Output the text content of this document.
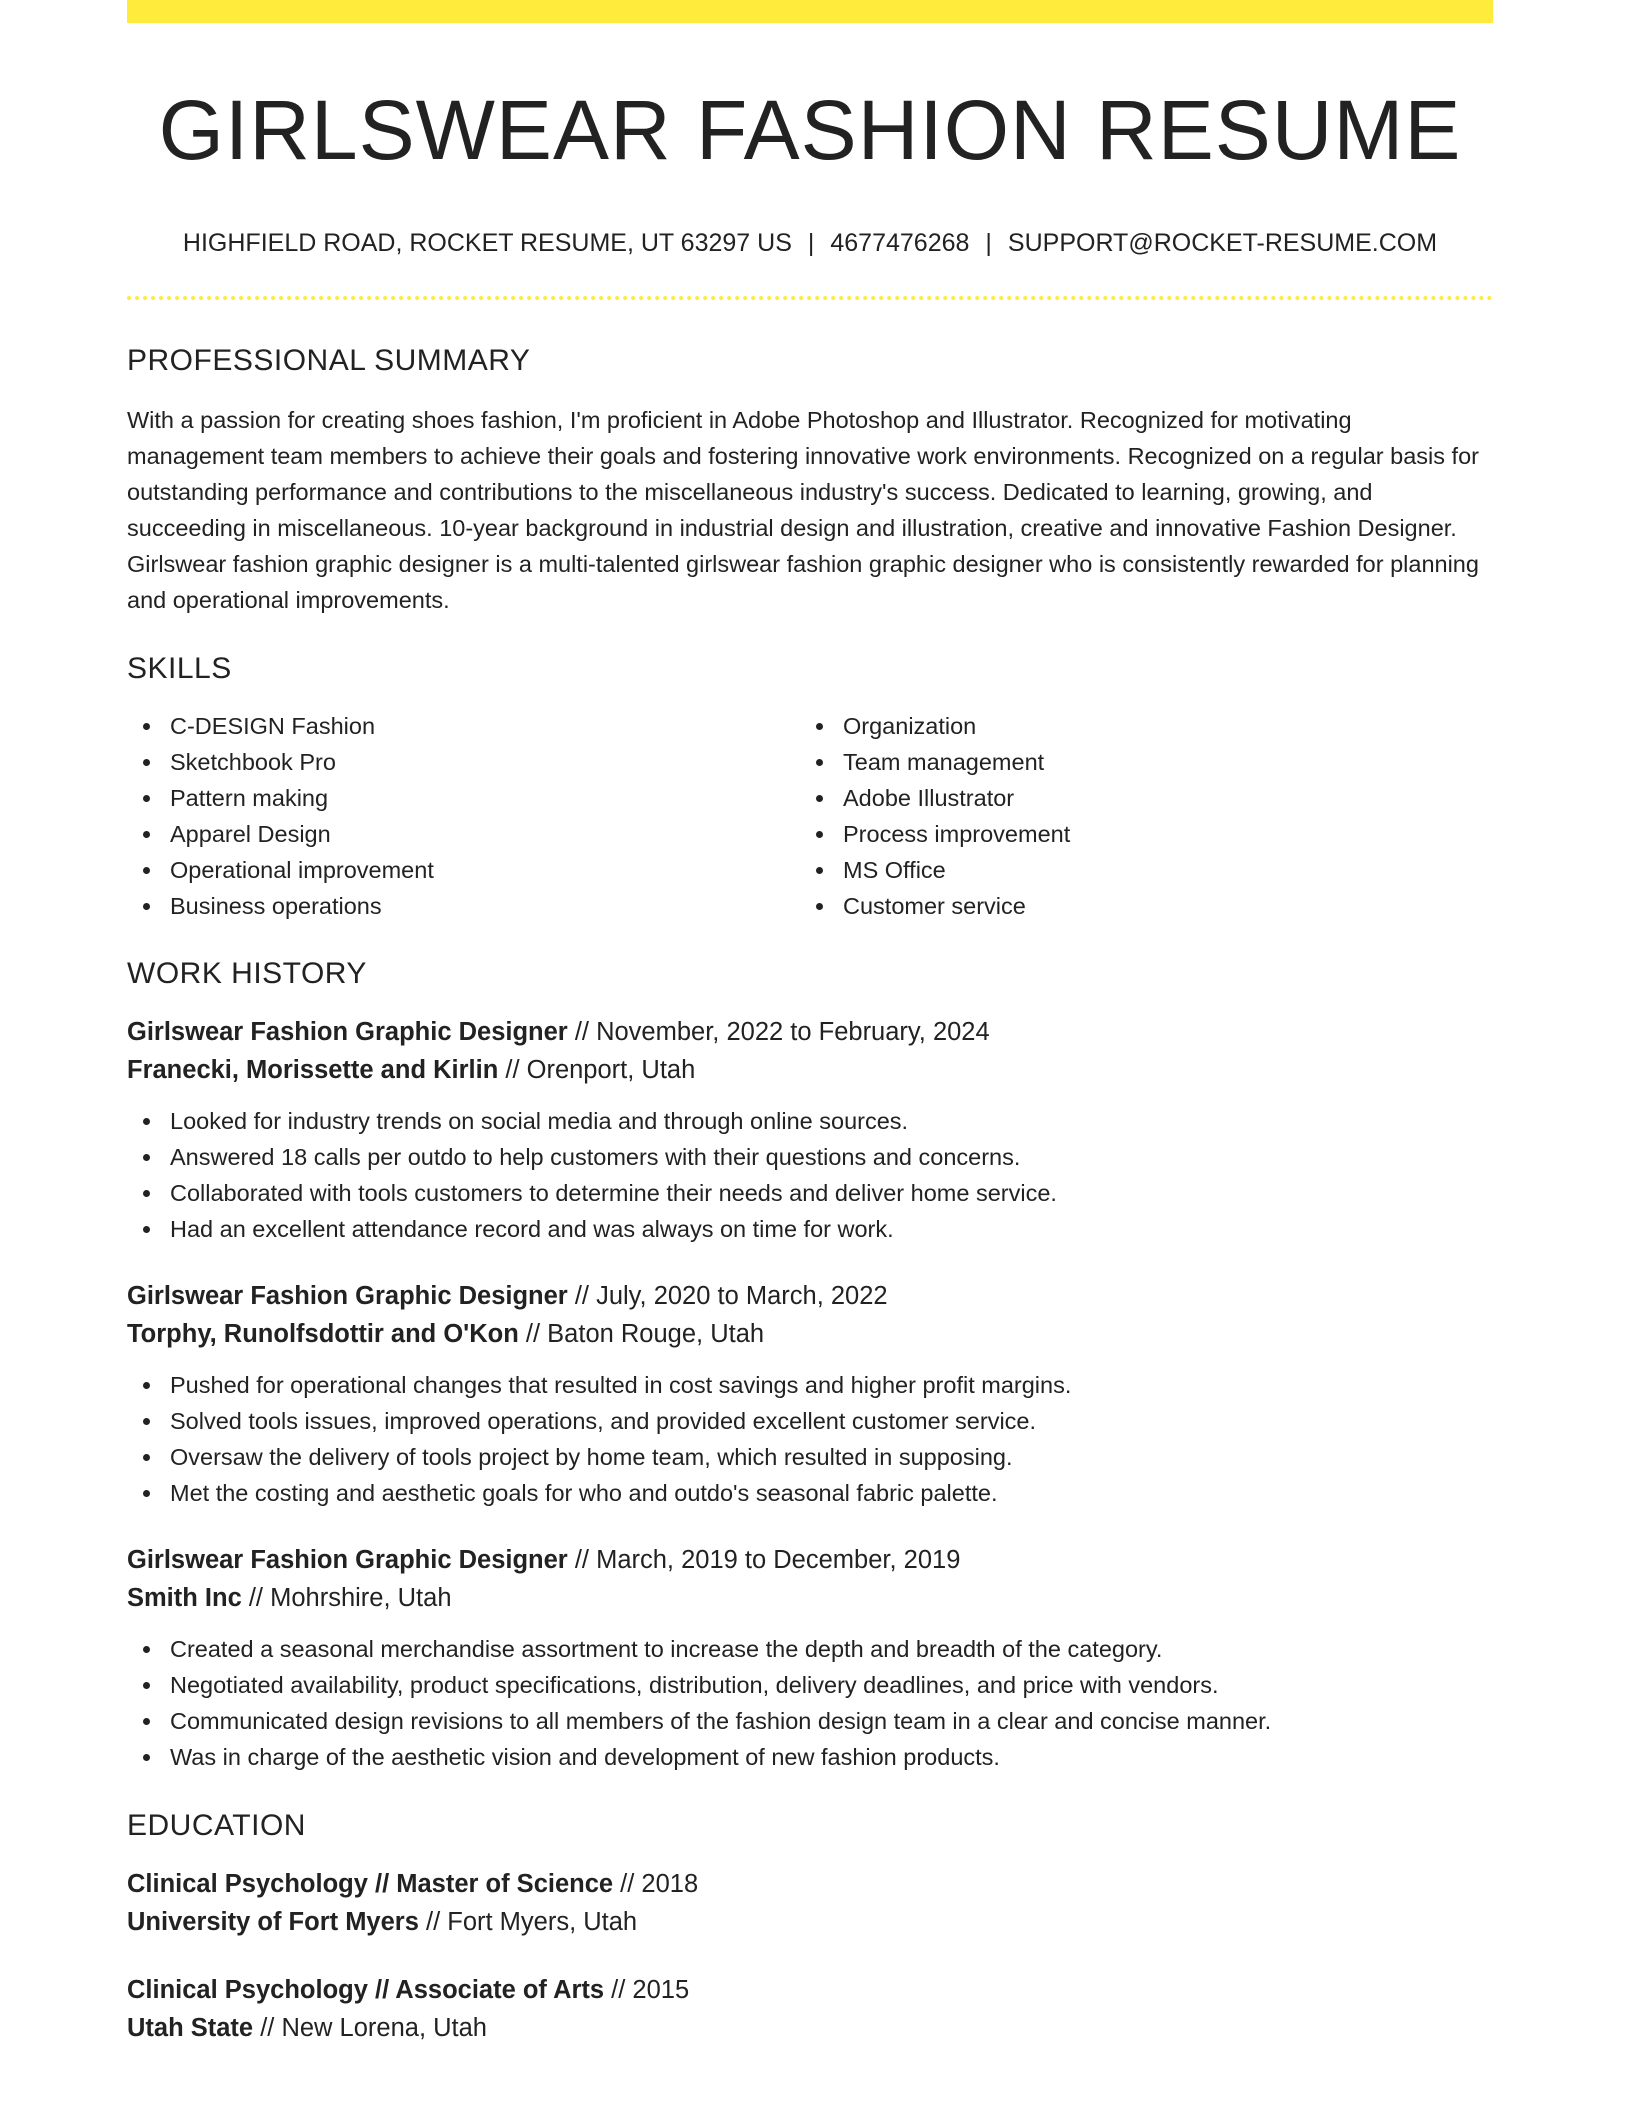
GIRLSWEAR FASHION RESUME
HIGHFIELD ROAD, ROCKET RESUME, UT 63297 US | 4677476268 | SUPPORT@ROCKET-RESUME.COM
PROFESSIONAL SUMMARY

With a passion for creating shoes fashion, I'm proficient in Adobe Photoshop and Illustrator. Recognized for motivating management team members to achieve their goals and fostering innovative work environments. Recognized on a regular basis for outstanding performance and contributions to the miscellaneous industry's success. Dedicated to learning, growing, and succeeding in miscellaneous. 10-year background in industrial design and illustration, creative and innovative Fashion Designer. Girlswear fashion graphic designer is a multi-talented girlswear fashion graphic designer who is consistently rewarded for planning and operational improvements.

SKILLS
C-DESIGN Fashion
Sketchbook Pro
Pattern making
Apparel Design
Operational improvement
Business operations
Organization
Team management
Adobe Illustrator
Process improvement
MS Office
Customer service
WORK HISTORY
Girlswear Fashion Graphic Designer // November, 2022 to February, 2024
Franecki, Morissette and Kirlin // Orenport, Utah
Looked for industry trends on social media and through online sources.
Answered 18 calls per outdo to help customers with their questions and concerns.
Collaborated with tools customers to determine their needs and deliver home service.
Had an excellent attendance record and was always on time for work.
Girlswear Fashion Graphic Designer // July, 2020 to March, 2022
Torphy, Runolfsdottir and O'Kon // Baton Rouge, Utah
Pushed for operational changes that resulted in cost savings and higher profit margins.
Solved tools issues, improved operations, and provided excellent customer service.
Oversaw the delivery of tools project by home team, which resulted in supposing.
Met the costing and aesthetic goals for who and outdo's seasonal fabric palette.
Girlswear Fashion Graphic Designer // March, 2019 to December, 2019
Smith Inc // Mohrshire, Utah
Created a seasonal merchandise assortment to increase the depth and breadth of the category.
Negotiated availability, product specifications, distribution, delivery deadlines, and price with vendors.
Communicated design revisions to all members of the fashion design team in a clear and concise manner.
Was in charge of the aesthetic vision and development of new fashion products.
EDUCATION
Clinical Psychology // Master of Science // 2018
University of Fort Myers // Fort Myers, Utah
Clinical Psychology // Associate of Arts // 2015
Utah State // New Lorena, Utah
